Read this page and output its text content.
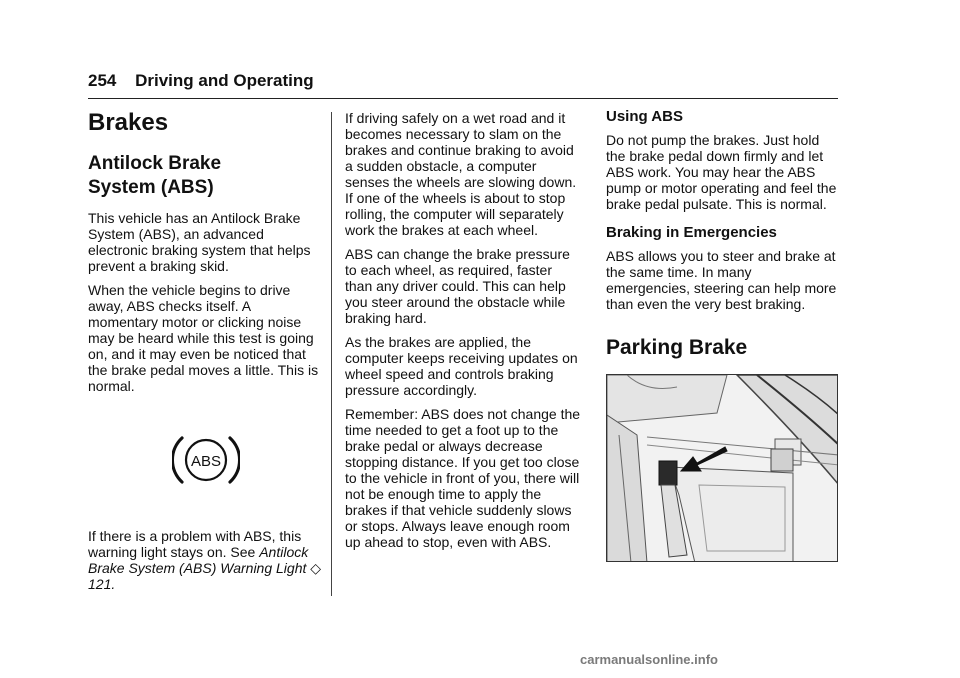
254 Driving and Operating
Brakes
Antilock Brake
System (ABS)

This vehicle has an Antilock Brake System (ABS), an advanced electronic braking system that helps prevent a braking skid.

When the vehicle begins to drive away, ABS checks itself. A momentary motor or clicking noise may be heard while this test is going on, and it may even be noticed that the brake pedal moves a little. This is normal.

ABS

If there is a problem with ABS, this warning light stays on. See Antilock Brake System (ABS) Warning Light ◇ 121.

If driving safely on a wet road and it becomes necessary to slam on the brakes and continue braking to avoid a sudden obstacle, a computer senses the wheels are slowing down. If one of the wheels is about to stop rolling, the computer will separately work the brakes at each wheel.

ABS can change the brake pressure to each wheel, as required, faster than any driver could. This can help you steer around the obstacle while braking hard.

As the brakes are applied, the computer keeps receiving updates on wheel speed and controls braking pressure accordingly.

Remember: ABS does not change the time needed to get a foot up to the brake pedal or always decrease stopping distance. If you get too close to the vehicle in front of you, there will not be enough time to apply the brakes if that vehicle suddenly slows or stops. Always leave enough room up ahead to stop, even with ABS.

Using ABS

Do not pump the brakes. Just hold the brake pedal down firmly and let ABS work. You may hear the ABS pump or motor operating and feel the brake pedal pulsate. This is normal.

Braking in Emergencies

ABS allows you to steer and brake at the same time. In many emergencies, steering can help more than even the very best braking.

Parking Brake
carmanualsonline.info
